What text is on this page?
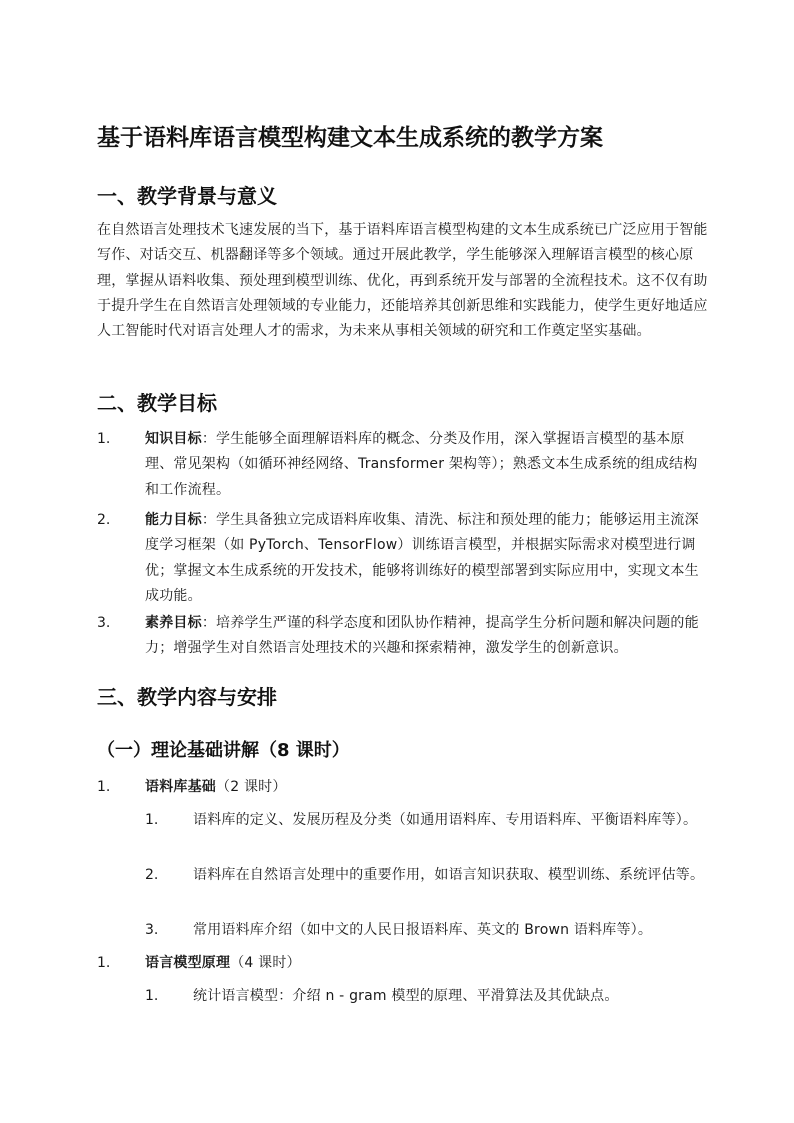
基于语料库语言模型构建文本生成系统的教学方案
一、教学背景与意义

在自然语言处理技术飞速发展的当下，基于语料库语言模型构建的文本生成系统已广泛应用于智能写作、对话交互、机器翻译等多个领域。通过开展此教学，学生能够深入理解语言模型的核心原理，掌握从语料收集、预处理到模型训练、优化，再到系统开发与部署的全流程技术。这不仅有助于提升学生在自然语言处理领域的专业能力，还能培养其创新思维和实践能力，使学生更好地适应人工智能时代对语言处理人才的需求，为未来从事相关领域的研究和工作奠定坚实基础。

二、教学目标
1.	知识目标：学生能够全面理解语料库的概念、分类及作用，深入掌握语言模型的基本原理、常见架构（如循环神经网络、Transformer 架构等）；熟悉文本生成系统的组成结构和工作流程。
2.	能力目标：学生具备独立完成语料库收集、清洗、标注和预处理的能力；能够运用主流深度学习框架（如 PyTorch、TensorFlow）训练语言模型，并根据实际需求对模型进行调优；掌握文本生成系统的开发技术，能够将训练好的模型部署到实际应用中，实现文本生成功能。
3.	素养目标：培养学生严谨的科学态度和团队协作精神，提高学生分析问题和解决问题的能力；增强学生对自然语言处理技术的兴趣和探索精神，激发学生的创新意识。
三、教学内容与安排
（一）理论基础讲解（8 课时）
1.	语料库基础（2 课时）
1.	语料库的定义、发展历程及分类（如通用语料库、专用语料库、平衡语料库等）。
2.	语料库在自然语言处理中的重要作用，如语言知识获取、模型训练、系统评估等。
3.	常用语料库介绍（如中文的人民日报语料库、英文的 Brown 语料库等）。
1.	语言模型原理（4 课时）
1.	统计语言模型：介绍 n - gram 模型的原理、平滑算法及其优缺点。
